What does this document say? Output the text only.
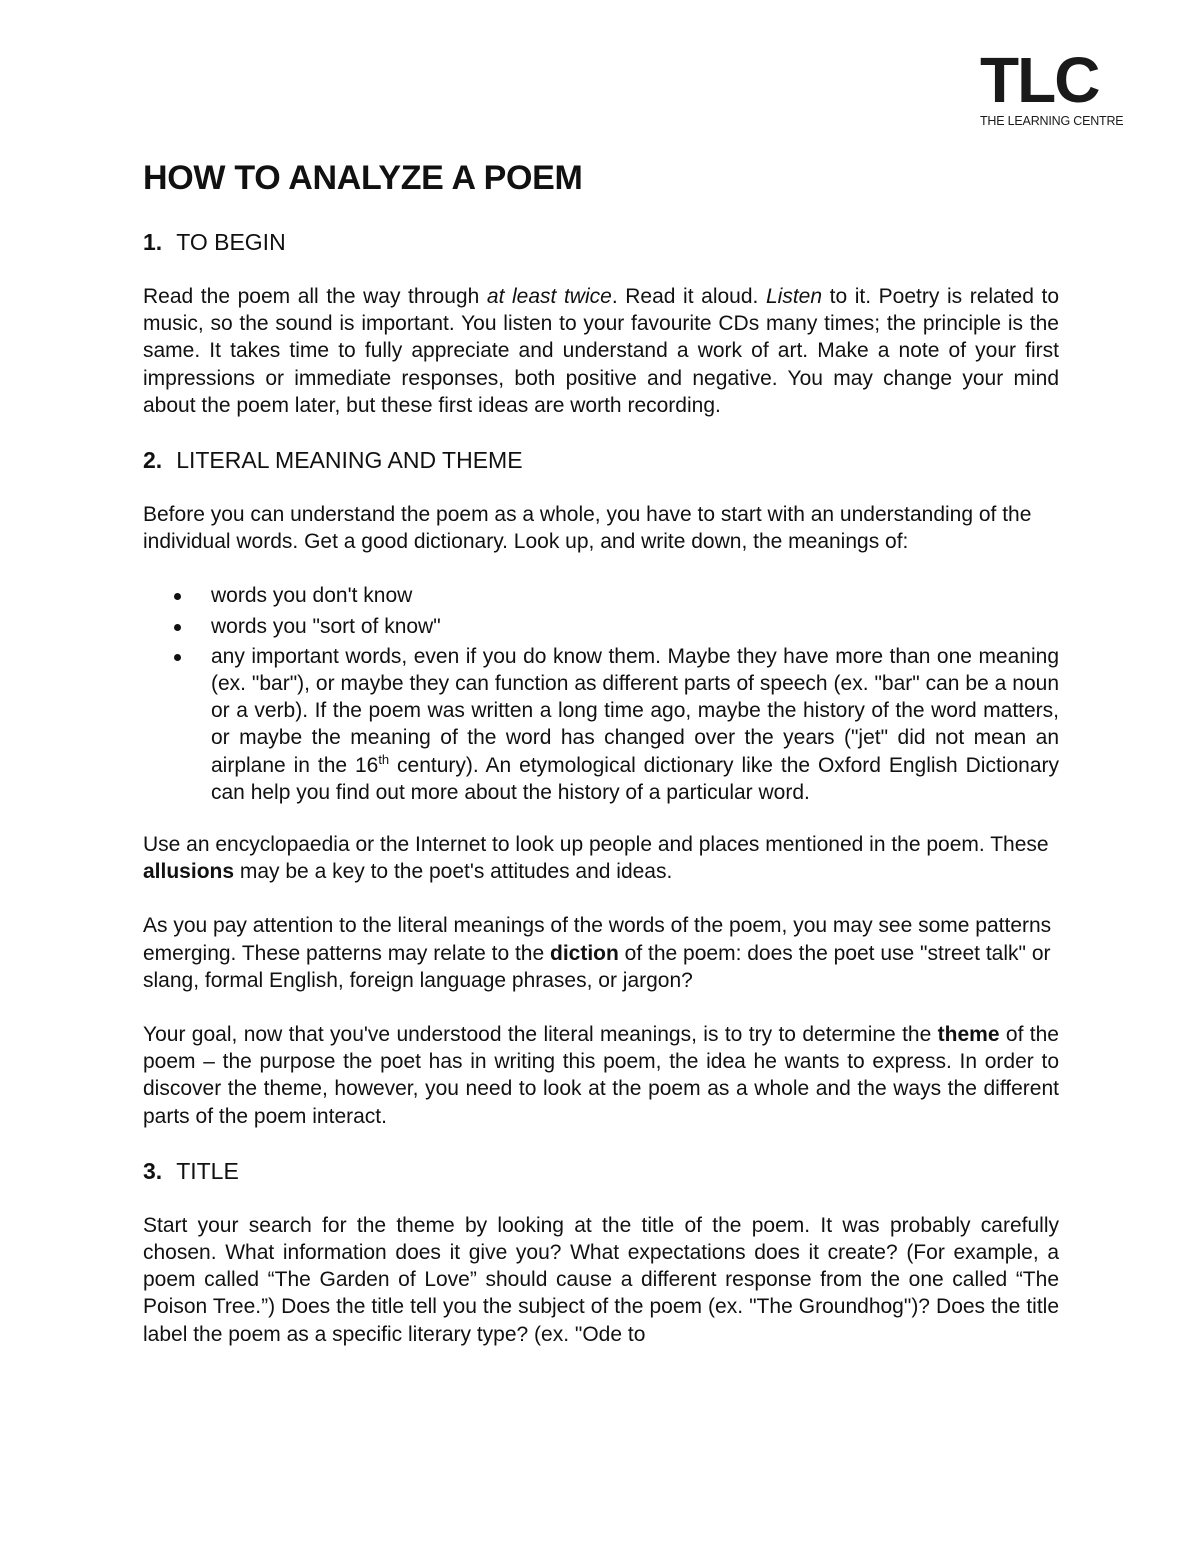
TLC
THE LEARNING CENTRE
HOW TO ANALYZE A POEM
1. TO BEGIN

Read the poem all the way through at least twice. Read it aloud. Listen to it. Poetry is related to music, so the sound is important. You listen to your favourite CDs many times; the principle is the same. It takes time to fully appreciate and understand a work of art. Make a note of your first impressions or immediate responses, both positive and negative. You may change your mind about the poem later, but these first ideas are worth recording.

2. LITERAL MEANING AND THEME

Before you can understand the poem as a whole, you have to start with an understanding of the individual words. Get a good dictionary. Look up, and write down, the meanings of:

words you don't know
words you "sort of know"
any important words, even if you do know them. Maybe they have more than one meaning (ex. "bar"), or maybe they can function as different parts of speech (ex. "bar" can be a noun or a verb). If the poem was written a long time ago, maybe the history of the word matters, or maybe the meaning of the word has changed over the years ("jet" did not mean an airplane in the 16th century). An etymological dictionary like the Oxford English Dictionary can help you find out more about the history of a particular word.

Use an encyclopaedia or the Internet to look up people and places mentioned in the poem. These allusions may be a key to the poet's attitudes and ideas.

As you pay attention to the literal meanings of the words of the poem, you may see some patterns emerging. These patterns may relate to the diction of the poem: does the poet use "street talk" or slang, formal English, foreign language phrases, or jargon?

Your goal, now that you've understood the literal meanings, is to try to determine the theme of the poem – the purpose the poet has in writing this poem, the idea he wants to express. In order to discover the theme, however, you need to look at the poem as a whole and the ways the different parts of the poem interact.

3. TITLE

Start your search for the theme by looking at the title of the poem. It was probably carefully chosen. What information does it give you? What expectations does it create? (For example, a poem called “The Garden of Love” should cause a different response from the one called “The Poison Tree.”) Does the title tell you the subject of the poem (ex. "The Groundhog")? Does the title label the poem as a specific literary type? (ex. "Ode to
